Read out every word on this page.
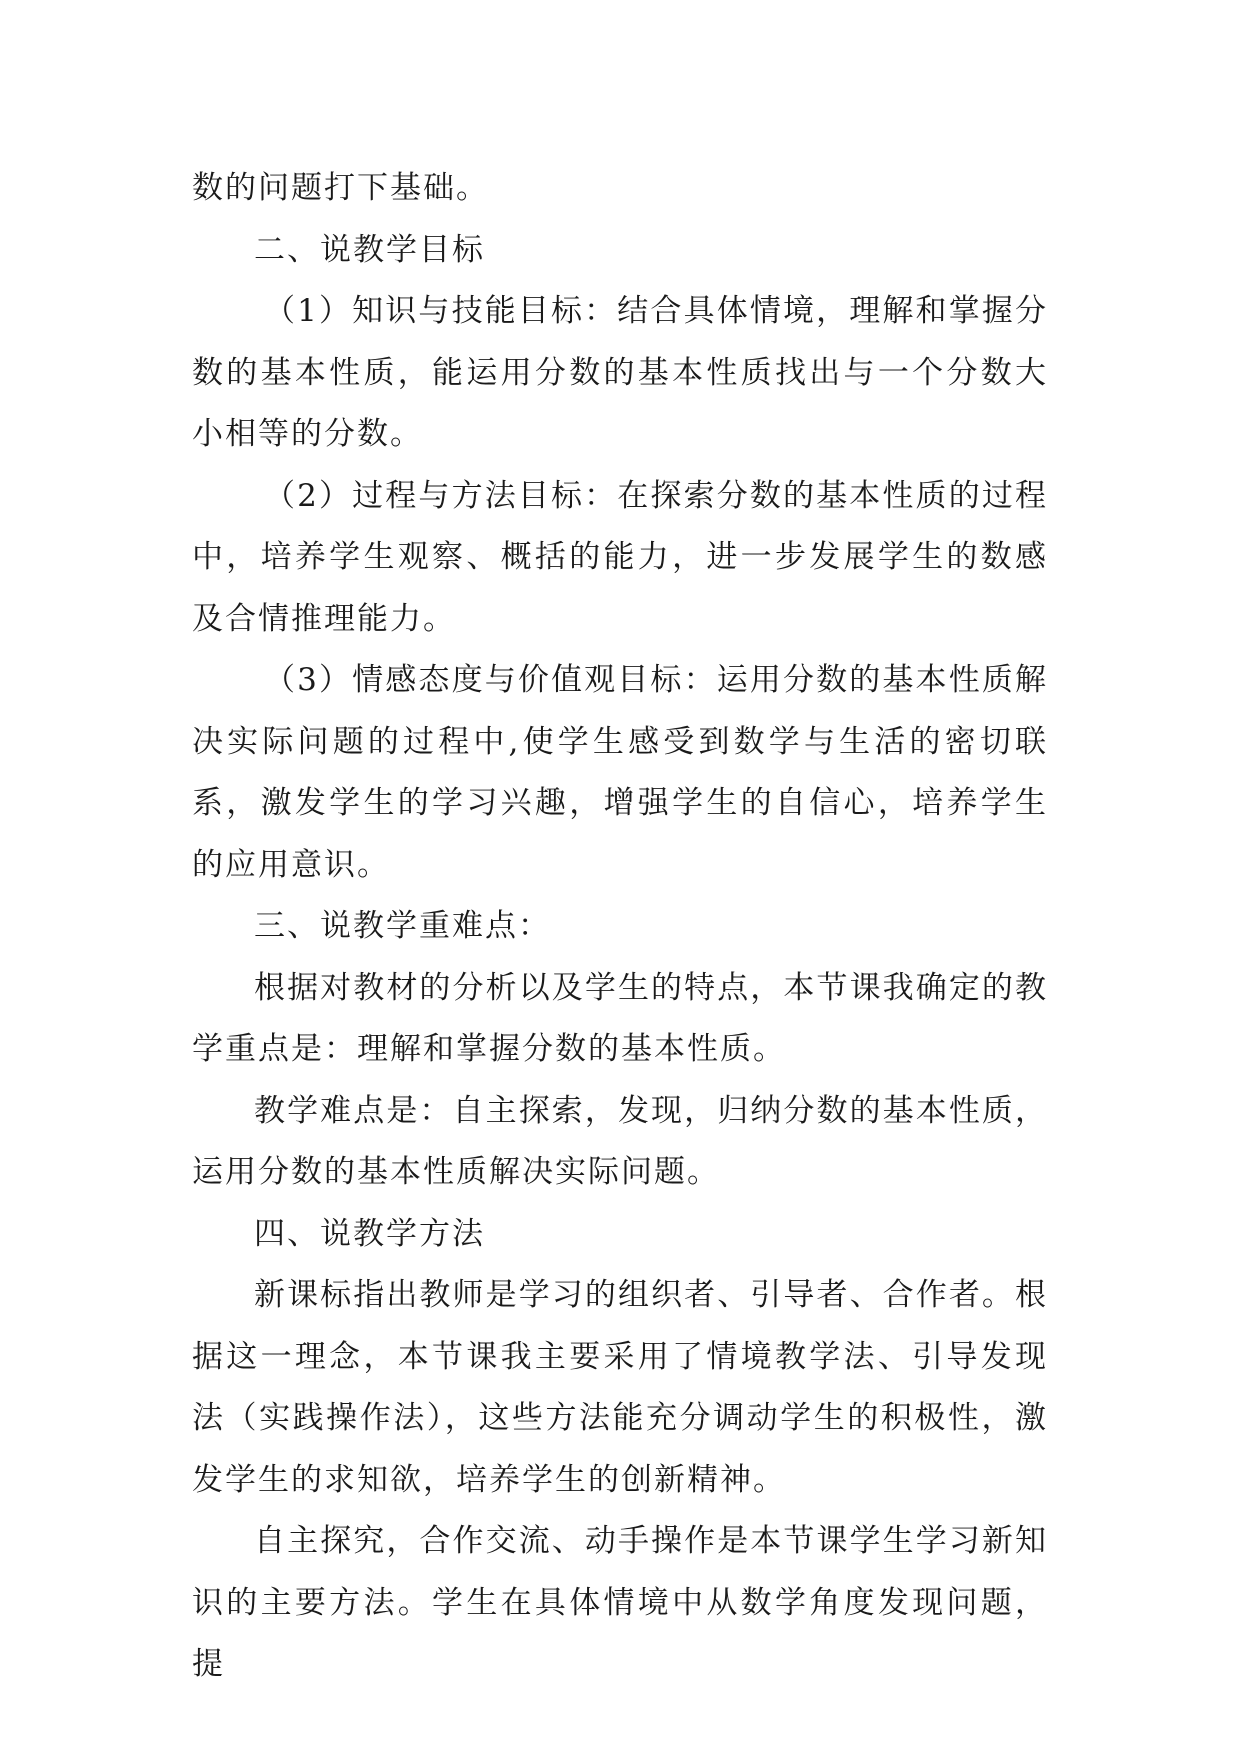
数的问题打下基础。

二、说教学目标

（1）知识与技能目标：结合具体情境，理解和掌握分数的基本性质，能运用分数的基本性质找出与一个分数大小相等的分数。

（2）过程与方法目标：在探索分数的基本性质的过程中，培养学生观察、概括的能力，进一步发展学生的数感及合情推理能力。

（3）情感态度与价值观目标：运用分数的基本性质解决实际问题的过程中,使学生感受到数学与生活的密切联系，激发学生的学习兴趣，增强学生的自信心，培养学生的应用意识。

三、说教学重难点：

根据对教材的分析以及学生的特点，本节课我确定的教学重点是：理解和掌握分数的基本性质。

教学难点是：自主探索，发现，归纳分数的基本性质，运用分数的基本性质解决实际问题。

四、说教学方法

新课标指出教师是学习的组织者、引导者、合作者。根据这一理念，本节课我主要采用了情境教学法、引导发现法（实践操作法），这些方法能充分调动学生的积极性，激发学生的求知欲，培养学生的创新精神。

自主探究，合作交流、动手操作是本节课学生学习新知识的主要方法。学生在具体情境中从数学角度发现问题，提
